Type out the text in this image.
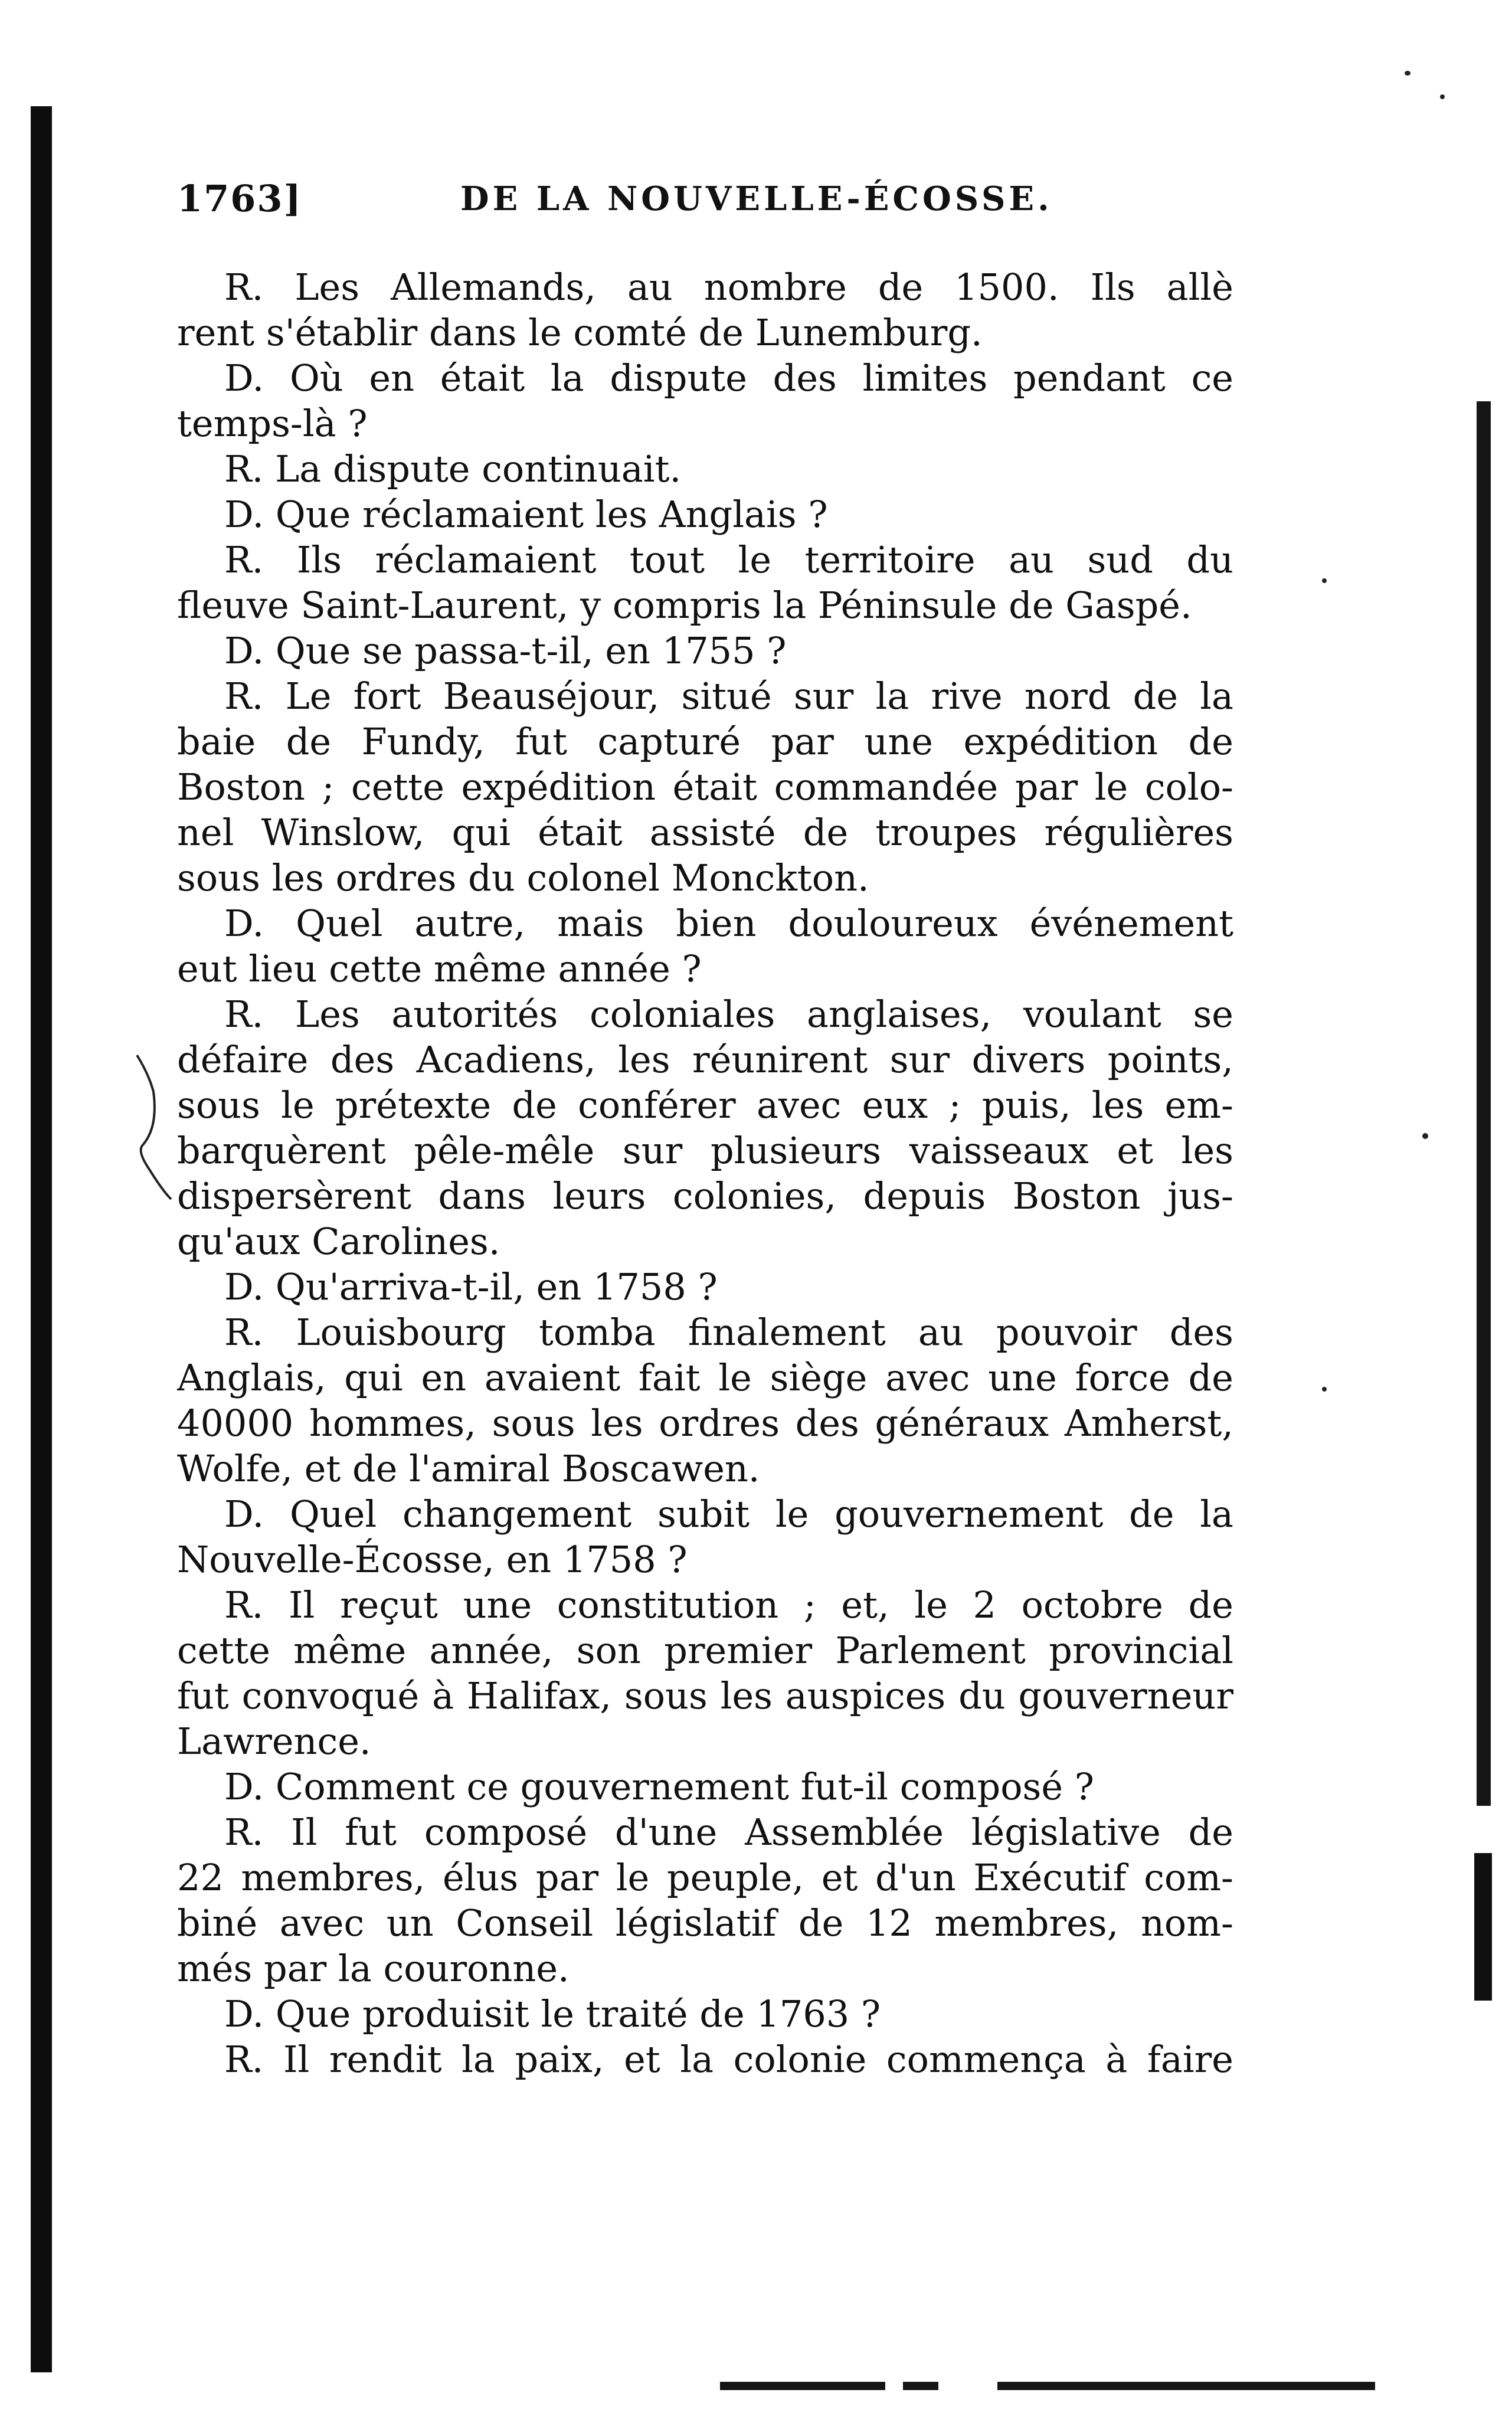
1763]	DE LA NOUVELLE-ÉCOSSE.
R. Les Allemands, au nombre de 1500. Ils allè
rent s'établir dans le comté de Lunemburg.
D. Où en était la dispute des limites pendant ce
temps-là ?
R. La dispute continuait.
D. Que réclamaient les Anglais ?
R. Ils réclamaient tout le territoire au sud du
fleuve Saint-Laurent, y compris la Péninsule de Gaspé.
D. Que se passa-t-il, en 1755 ?
R. Le fort Beauséjour, situé sur la rive nord de la
baie de Fundy, fut capturé par une expédition de
Boston ; cette expédition était commandée par le colo-
nel Winslow, qui était assisté de troupes régulières
sous les ordres du colonel Monckton.
D. Quel autre, mais bien douloureux événement
eut lieu cette même année ?
R. Les autorités coloniales anglaises, voulant se
défaire des Acadiens, les réunirent sur divers points,
sous le prétexte de conférer avec eux ; puis, les em-
barquèrent pêle-mêle sur plusieurs vaisseaux et les
dispersèrent dans leurs colonies, depuis Boston jus-
qu'aux Carolines.
D. Qu'arriva-t-il, en 1758 ?
R. Louisbourg tomba finalement au pouvoir des
Anglais, qui en avaient fait le siège avec une force de
40000 hommes, sous les ordres des généraux Amherst,
Wolfe, et de l'amiral Boscawen.
D. Quel changement subit le gouvernement de la
Nouvelle-Écosse, en 1758 ?
R. Il reçut une constitution ; et, le 2 octobre de
cette même année, son premier Parlement provincial
fut convoqué à Halifax, sous les auspices du gouverneur
Lawrence.
D. Comment ce gouvernement fut-il composé ?
R. Il fut composé d'une Assemblée législative de
22 membres, élus par le peuple, et d'un Exécutif com-
biné avec un Conseil législatif de 12 membres, nom-
més par la couronne.
D. Que produisit le traité de 1763 ?
R. Il rendit la paix, et la colonie commença à faire
